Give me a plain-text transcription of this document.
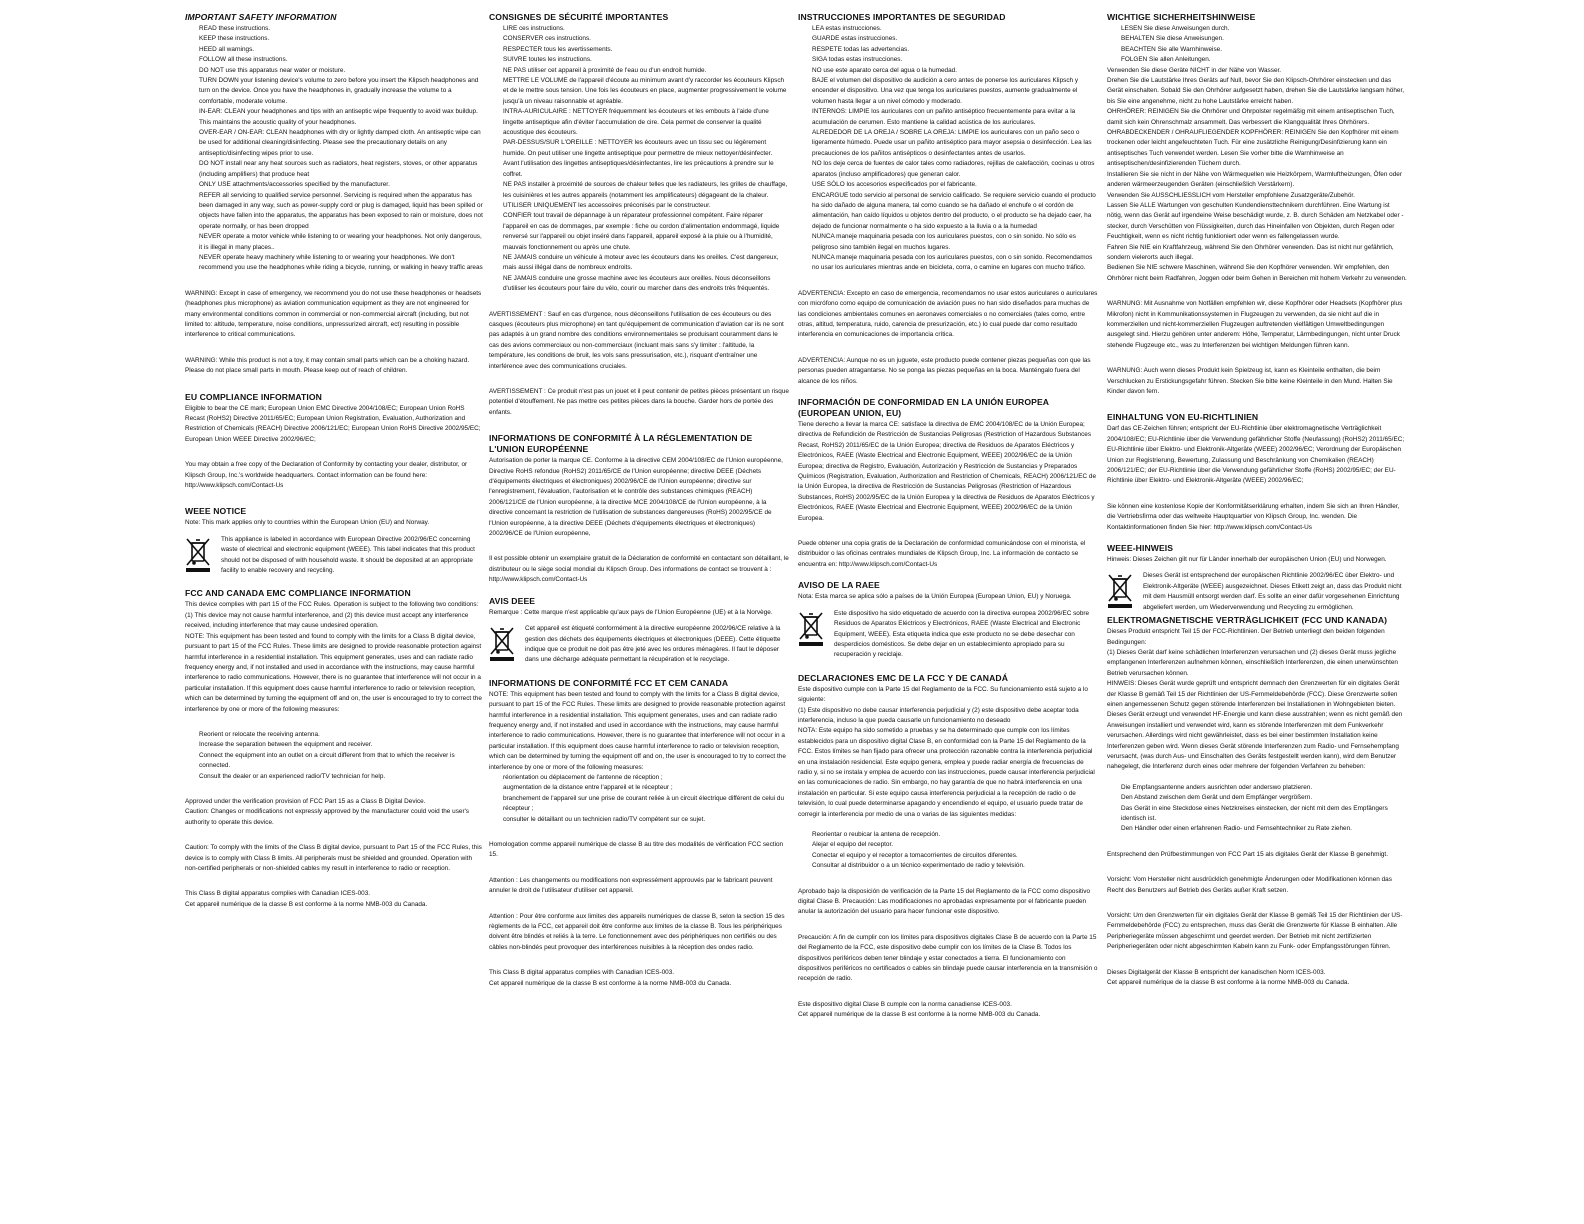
IMPORTANT SAFETY INFORMATION

READ these instructions.

KEEP these instructions.

HEED all warnings.

FOLLOW all these instructions.

DO NOT use this apparatus near water or moisture.

TURN DOWN your listening device's volume to zero before you insert the Klipsch headphones and turn on the device. Once you have the headphones in, gradually increase the volume to a comfortable, moderate volume.

IN-EAR: CLEAN your headphones and tips with an antiseptic wipe frequently to avoid wax buildup. This maintains the acoustic quality of your headphones.

OVER-EAR / ON-EAR: CLEAN headphones with dry or lightly damped cloth. An antiseptic wipe can be used for additional cleaning/disinfecting. Please see the precautionary details on any antiseptic/disinfecting wipes prior to use.

DO NOT install near any heat sources such as radiators, heat registers, stoves, or other apparatus (including amplifiers) that produce heat

ONLY USE attachments/accessories specified by the manufacturer.

REFER all servicing to qualified service personnel. Servicing is required when the apparatus has been damaged in any way, such as power-supply cord or plug is damaged, liquid has been spilled or objects have fallen into the apparatus, the apparatus has been exposed to rain or moisture, does not operate normally, or has been dropped

NEVER operate a motor vehicle while listening to or wearing your headphones. Not only dangerous, it is illegal in many places..

NEVER operate heavy machinery while listening to or wearing your headphones. We don't recommend you use the headphones while riding a bicycle, running, or walking in heavy traffic areas

WARNING: Except in case of emergency, we recommend you do not use these headphones or headsets (headphones plus microphone) as aviation communication equipment as they are not engineered for many environmental conditions common in commercial or non-commercial aircraft (including, but not limited to: altitude, temperature, noise conditions, unpressurized aircraft, ect) resulting in possible interference to critical communications.

WARNING: While this product is not a toy, it may contain small parts which can be a choking hazard. Please do not place small parts in mouth. Please keep out of reach of children.

EU COMPLIANCE INFORMATION

Eligible to bear the CE mark; European Union EMC Directive 2004/108/EC; European Union RoHS Recast (RoHS2) Directive 2011/65/EC; European Union Registration, Evaluation, Authorization and Restriction of Chemicals (REACH) Directive 2006/121/EC; European Union RoHS Directive 2002/95/EC; European Union WEEE Directive 2002/96/EC;

You may obtain a free copy of the Declaration of Conformity by contacting your dealer, distributor, or Klipsch Group, Inc.'s worldwide headquarters. Contact information can be found here: http://www.klipsch.com/Contact-Us

WEEE NOTICE

Note: This mark applies only to countries within the European Union (EU) and Norway.

This appliance is labeled in accordance with European Directive 2002/96/EC concerning waste of electrical and electronic equipment (WEEE). This label indicates that this product should not be disposed of with household waste. It should be deposited at an appropriate facility to enable recovery and recycling.

FCC AND CANADA EMC COMPLIANCE INFORMATION

This device complies with part 15 of the FCC Rules. Operation is subject to the following two conditions:

(1) This device may not cause harmful interference, and (2) this device must accept any interference received, including interference that may cause undesired operation.

NOTE: This equipment has been tested and found to comply with the limits for a Class B digital device, pursuant to part 15 of the FCC Rules. These limits are designed to provide reasonable protection against harmful interference in a residential installation. This equipment generates, uses and can radiate radio frequency energy and, if not installed and used in accordance with the instructions, may cause harmful interference to radio communications. However, there is no guarantee that interference will not occur in a particular installation. If this equipment does cause harmful interference to radio or television reception, which can be determined by turning the equipment off and on, the user is encouraged to try to correct the interference by one or more of the following measures:

Reorient or relocate the receiving antenna.

Increase the separation between the equipment and receiver.

Connect the equipment into an outlet on a circuit different from that to which the receiver is connected.

Consult the dealer or an experienced radio/TV technician for help.

Approved under the verification provision of FCC Part 15 as a Class B Digital Device.

Caution: Changes or modifications not expressly approved by the manufacturer could void the user's authority to operate this device.

Caution: To comply with the limits of the Class B digital device, pursuant to Part 15 of the FCC Rules, this device is to comply with Class B limits. All peripherals must be shielded and grounded. Operation with non-certified peripherals or non-shielded cables my result in interference to radio or reception.

This Class B digital apparatus complies with Canadian ICES-003.

Cet appareil numérique de la classe B est conforme à la norme NMB-003 du Canada.

CONSIGNES DE SÉCURITÉ IMPORTANTES

LIRE ces instructions.

CONSERVER ces instructions.

RESPECTER tous les avertissements.

SUIVRE toutes les instructions.

NE PAS utiliser cet appareil à proximité de l'eau ou d'un endroit humide.

METTRE LE VOLUME de l'appareil d'écoute au minimum avant d'y raccorder les écouteurs Klipsch et de le mettre sous tension. Une fois les écouteurs en place, augmenter progressivement le volume jusqu'à un niveau raisonnable et agréable.

INTRA-AURICULAIRE : NETTOYER fréquemment les écouteurs et les embouts à l'aide d'une lingette antiseptique afin d'éviter l'accumulation de cire. Cela permet de conserver la qualité acoustique des écouteurs.

PAR-DESSUS/SUR L'OREILLE : NETTOYER les écouteurs avec un tissu sec ou légèrement humide. On peut utiliser une lingette antiseptique pour permettre de mieux nettoyer/désinfecter. Avant l'utilisation des lingettes antiseptiques/désinfectantes, lire les précautions à prendre sur le coffret.

NE PAS installer à proximité de sources de chaleur telles que les radiateurs, les grilles de chauffage, les cuisinières et les autres appareils (notamment les amplificateurs) dégageant de la chaleur.

UTILISER UNIQUEMENT les accessoires préconisés par le constructeur.

CONFIER tout travail de dépannage à un réparateur professionnel compétent. Faire réparer l'appareil en cas de dommages, par exemple : fiche ou cordon d'alimentation endommagé, liquide renversé sur l'appareil ou objet inséré dans l'appareil, appareil exposé à la pluie ou à l'humidité, mauvais fonctionnement ou après une chute.

NE JAMAIS conduire un véhicule à moteur avec les écouteurs dans les oreilles. C'est dangereux, mais aussi illégal dans de nombreux endroits.

NE JAMAIS conduire une grosse machine avec les écouteurs aux oreilles. Nous déconseillons d'utiliser les écouteurs pour faire du vélo, courir ou marcher dans des endroits très fréquentés.

AVERTISSEMENT : Sauf en cas d'urgence, nous déconseillons l'utilisation de ces écouteurs ou des casques (écouteurs plus microphone) en tant qu'équipement de communication d'aviation car ils ne sont pas adaptés à un grand nombre des conditions environnementales se produisant couramment dans le cas des avions commerciaux ou non-commerciaux (incluant mais sans s'y limiter : l'altitude, la température, les conditions de bruit, les vols sans pressurisation, etc.), risquant d'entraîner une interférence avec des communications cruciales.

AVERTISSEMENT : Ce produit n'est pas un jouet et il peut contenir de petites pièces présentant un risque potentiel d'étouffement. Ne pas mettre ces petites pièces dans la bouche. Garder hors de portée des enfants.

INFORMATIONS DE CONFORMITÉ À LA RÉGLEMENTATION DE L'UNION EUROPÉENNE

Autorisation de porter la marque CE. Conforme à la directive CEM 2004/108/EC de l'Union européenne, Directive RoHS refondue (RoHS2) 2011/65/CE de l'Union européenne; directive DEEE (Déchets d'équipements électriques et électroniques) 2002/96/CE de l'Union européenne; directive sur l'enregistrement, l'évaluation, l'autorisation et le contrôle des substances chimiques (REACH) 2006/121/CE de l'Union européenne, à la directive MCE 2004/108/CE de l'Union européenne, à la directive concernant la restriction de l'utilisation de substances dangereuses (RoHS) 2002/95/CE de l'Union européenne, à la directive DEEE (Déchets d'équipements électriques et électroniques) 2002/96/CE de l'Union européenne,

Il est possible obtenir un exemplaire gratuit de la Déclaration de conformité en contactant son détaillant, le distributeur ou le siège social mondial du Klipsch Group. Des informations de contact se trouvent à : http://www.klipsch.com/Contact-Us

AVIS DEEE

Remarque : Cette marque n'est applicable qu'aux pays de l'Union Européenne (UE) et à la Norvège.

Cet appareil est étiqueté conformément à la directive européenne 2002/96/CE relative à la gestion des déchets des équipements électriques et électroniques (DEEE). Cette étiquette indique que ce produit ne doit pas être jeté avec les ordures ménagères. Il faut le déposer dans une décharge adéquate permettant la récupération et le recyclage.

INFORMATIONS DE CONFORMITÉ FCC ET CEM CANADA

NOTE: This equipment has been tested and found to comply with the limits for a Class B digital device, pursuant to part 15 of the FCC Rules. These limits are designed to provide reasonable protection against harmful interference in a residential installation. This equipment generates, uses and can radiate radio frequency energy and, if not installed and used in accordance with the instructions, may cause harmful interference to radio communications. However, there is no guarantee that interference will not occur in a particular installation. If this equipment does cause harmful interference to radio or television reception, which can be determined by turning the equipment off and on, the user is encouraged to try to correct the interference by one or more of the following measures:

réorientation ou déplacement de l'antenne de réception ;

augmentation de la distance entre l'appareil et le récepteur ;

branchement de l'appareil sur une prise de courant reliée à un circuit électrique différent de celui du récepteur ;

consulter le détaillant ou un technicien radio/TV compétent sur ce sujet.

Homologation comme appareil numérique de classe B au titre des modalités de vérification FCC section 15.

Attention : Les changements ou modifications non expressément approuvés par le fabricant peuvent annuler le droit de l'utilisateur d'utiliser cet appareil.

Attention : Pour être conforme aux limites des appareils numériques de classe B, selon la section 15 des règlements de la FCC, cet appareil doit être conforme aux limites de la classe B. Tous les périphériques doivent être blindés et reliés à la terre. Le fonctionnement avec des périphériques non certifiés ou des câbles non-blindés peut provoquer des interférences nuisibles à la réception des ondes radio.

This Class B digital apparatus complies with Canadian ICES-003.

Cet appareil numérique de la classe B est conforme à la norme NMB-003 du Canada.

INSTRUCCIONES IMPORTANTES DE SEGURIDAD

LEA estas instrucciones.

GUARDE estas instrucciones.

RESPETE todas las advertencias.

SIGA todas estas instrucciones.

NO use este aparato cerca del agua o la humedad.

BAJE el volumen del dispositivo de audición a cero antes de ponerse los auriculares Klipsch y encender el dispositivo. Una vez que tenga los auriculares puestos, aumente gradualmente el volumen hasta llegar a un nivel cómodo y moderado.

INTERNOS: LIMPIE los auriculares con un pañito antiséptico frecuentemente para evitar a la acumulación de cerumen. Esto mantiene la calidad acústica de los auriculares.

ALREDEDOR DE LA OREJA / SOBRE LA OREJA: LIMPIE los auriculares con un paño seco o ligeramente húmedo. Puede usar un pañito antiséptico para mayor asepsia o desinfección. Lea las precauciones de los pañitos antisépticos o desinfectantes antes de usarlos.

NO los deje cerca de fuentes de calor tales como radiadores, rejillas de calefacción, cocinas u otros aparatos (incluso amplificadores) que generan calor.

USE SÓLO los accesorios especificados por el fabricante.

ENCARGUE todo servicio al personal de servicio calificado. Se requiere servicio cuando el producto ha sido dañado de alguna manera, tal como cuando se ha dañado el enchufe o el cordón de alimentación, han caído líquidos u objetos dentro del producto, o el producto se ha dejado caer, ha dejado de funcionar normalmente o ha sido expuesto a la lluvia o a la humedad

NUNCA maneje maquinaria pesada con los auriculares puestos, con o sin sonido. No sólo es peligroso sino también ilegal en muchos lugares.

NUNCA maneje maquinaria pesada con los auriculares puestos, con o sin sonido. Recomendamos no usar los auriculares mientras ande en bicicleta, corra, o camine en lugares con mucho tráfico.

ADVERTENCIA: Excepto en caso de emergencia, recomendamos no usar estos auriculares o auriculares con micrófono como equipo de comunicación de aviación pues no han sido diseñados para muchas de las condiciones ambientales comunes en aeronaves comerciales o no comerciales (tales como, entre otras, altitud, temperatura, ruido, carencia de presurización, etc.) lo cual puede dar como resultado interferencia en comunicaciones de importancia crítica.

ADVERTENCIA: Aunque no es un juguete, este producto puede contener piezas pequeñas con que las personas pueden atragantarse. No se ponga las piezas pequeñas en la boca. Manténgalo fuera del alcance de los niños.

INFORMACIÓN DE CONFORMIDAD EN LA UNIÓN EUROPEA (EUROPEAN UNION, EU)

Tiene derecho a llevar la marca CE: satisface la directiva de EMC 2004/108/EC de la Unión Europea; directiva de Refundición de Restricción de Sustancias Peligrosas (Restriction of Hazardous Substances Recast, RoHS2) 2011/65/EC de la Unión Europea; directiva de Residuos de Aparatos Eléctricos y Electrónicos, RAEE (Waste Electrical and Electronic Equipment, WEEE) 2002/96/EC de la Unión Europea; directiva de Registro, Evaluación, Autorización y Restricción de Sustancias y Preparados Químicos (Registration, Evaluation, Authorization and Restriction of Chemicals, REACH) 2006/121/EC de la Unión Europea, la directiva de Restricción de Sustancias Peligrosas (Restriction of Hazardous Substances, RoHS) 2002/95/EC de la Unión Europea y la directiva de Residuos de Aparatos Eléctricos y Electrónicos, RAEE (Waste Electrical and Electronic Equipment, WEEE) 2002/96/EC de la Unión Europea.

Puede obtener una copia gratis de la Declaración de conformidad comunicándose con el minorista, el distribuidor o las oficinas centrales mundiales de Klipsch Group, Inc. La información de contacto se encuentra en: http://www.klipsch.com/Contact-Us

AVISO DE LA RAEE

Nota: Esta marca se aplica sólo a países de la Unión Europea (European Union, EU) y Noruega.

Este dispositivo ha sido etiquetado de acuerdo con la directiva europea 2002/96/EC sobre Residuos de Aparatos Eléctricos y Electrónicos, RAEE (Waste Electrical and Electronic Equipment, WEEE). Esta etiqueta indica que este producto no se debe desechar con desperdicios domésticos. Se debe dejar en un establecimiento apropiado para su recuperación y reciclaje.

DECLARACIONES EMC DE LA FCC Y DE CANADÁ

Este dispositivo cumple con la Parte 15 del Reglamento de la FCC. Su funcionamiento está sujeto a lo siguiente:

(1) Este dispositivo no debe causar interferencia perjudicial y (2) este dispositivo debe aceptar toda interferencia, incluso la que pueda causarle un funcionamiento no deseado

NOTA: Este equipo ha sido sometido a pruebas y se ha determinado que cumple con los límites establecidos para un dispositivo digital Clase B, en conformidad con la Parte 15 del Reglamento de la FCC. Estos límites se han fijado para ofrecer una protección razonable contra la interferencia perjudicial en una instalación residencial. Este equipo genera, emplea y puede radiar energía de frecuencias de radio y, si no se instala y emplea de acuerdo con las instrucciones, puede causar interferencia perjudicial en las comunicaciones de radio. Sin embargo, no hay garantía de que no habrá interferencia en una instalación en particular. Si este equipo causa interferencia perjudicial a la recepción de radio o de televisión, lo cual puede determinarse apagando y encendiendo el equipo, el usuario puede tratar de corregir la interferencia por medio de una o varias de las siguientes medidas:

Reorientar o reubicar la antena de recepción.

Alejar el equipo del receptor.

Conectar el equipo y el receptor a tomacorrientes de circuitos diferentes.

Consultar al distribuidor o a un técnico experimentado de radio y televisión.

Aprobado bajo la disposición de verificación de la Parte 15 del Reglamento de la FCC como dispositivo digital Clase B. Precaución: Las modificaciones no aprobadas expresamente por el fabricante pueden anular la autorización del usuario para hacer funcionar este dispositivo.

Precaución: A fin de cumplir con los límites para dispositivos digitales Clase B de acuerdo con la Parte 15 del Reglamento de la FCC, este dispositivo debe cumplir con los límites de la Clase B. Todos los dispositivos periféricos deben tener blindaje y estar conectados a tierra. El funcionamiento con dispositivos periféricos no certificados o cables sin blindaje puede causar interferencia en la transmisión o recepción de radio.

Este dispositivo digital Clase B cumple con la norma canadiense ICES-003.

Cet appareil numérique de la classe B est conforme à la norme NMB-003 du Canada.

WICHTIGE SICHERHEITSHINWEISE

LESEN Sie diese Anweisungen durch.

BEHALTEN Sie diese Anweisungen.

BEACHTEN Sie alle Warnhinweise.

FOLGEN Sie allen Anleitungen.

Verwenden Sie diese Geräte NICHT in der Nähe von Wasser.

Drehen Sie die Lautstärke Ihres Geräts auf Null, bevor Sie den Klipsch-Ohrhörer einstecken und das Gerät einschalten. Sobald Sie den Ohrhörer aufgesetzt haben, drehen Sie die Lautstärke langsam höher, bis Sie eine angenehme, nicht zu hohe Lautstärke erreicht haben.

OHRHÖRER: REINIGEN Sie die Ohrhörer und Ohrpolster regelmäßig mit einem antiseptischen Tuch, damit sich kein Ohrenschmalz ansammelt. Das verbessert die Klangqualität Ihres Ohrhörers.

OHRABDECKENDER / OHRAUFLIEGENDER KOPFHÖRER: REINIGEN Sie den Kopfhörer mit einem trockenen oder leicht angefeuchteten Tuch. Für eine zusätzliche Reinigung/Desinfizierung kann ein antiseptisches Tuch verwendet werden. Lesen Sie vorher bitte die Warnhinweise an antiseptischen/desinfizierenden Tüchern durch.

Installieren Sie sie nicht in der Nähe von Wärmequellen wie Heizkörpern, Warmluftheizungen, Öfen oder anderen wärmeerzeugenden Geräten (einschließlich Verstärkern).

Verwenden Sie AUSSCHLIESSLICH vom Hersteller empfohlene Zusatzgeräte/Zubehör.

Lassen Sie ALLE Wartungen von geschulten Kundendiensttechnikern durchführen. Eine Wartung ist nötig, wenn das Gerät auf irgendeine Weise beschädigt wurde, z. B. durch Schäden am Netzkabel oder -stecker, durch Verschütten von Flüssigkeiten, durch das Hineinfallen von Objekten, durch Regen oder Feuchtigkeit, wenn es nicht richtig funktioniert oder wenn es fallengelassen wurde.

Fahren Sie NIE ein Kraftfahrzeug, während Sie den Ohrhörer verwenden. Das ist nicht nur gefährlich, sondern vielerorts auch illegal.

Bedienen Sie NIE schwere Maschinen, während Sie den Kopfhörer verwenden. Wir empfehlen, den Ohrhörer nicht beim Radfahren, Joggen oder beim Gehen in Bereichen mit hohem Verkehr zu verwenden.

WARNUNG: Mit Ausnahme von Notfällen empfehlen wir, diese Kopfhörer oder Headsets (Kopfhörer plus Mikrofon) nicht in Kommunikationssystemen in Flugzeugen zu verwenden, da sie nicht auf die in kommerziellen und nicht-kommerziellen Flugzeugen auftretenden vielfältigen Umweltbedingungen ausgelegt sind. Hierzu gehören unter anderem: Höhe, Temperatur, Lärmbedingungen, nicht unter Druck stehende Flugzeuge etc., was zu Interferenzen bei wichtigen Meldungen führen kann.

WARNUNG: Auch wenn dieses Produkt kein Spielzeug ist, kann es Kleinteile enthalten, die beim Verschlucken zu Erstickungsgefahr führen. Stecken Sie bitte keine Kleinteile in den Mund. Halten Sie Kinder davon fern.

EINHALTUNG VON EU-RICHTLINIEN

Darf das CE-Zeichen führen; entspricht der EU-Richtlinie über elektromagnetische Verträglichkeit 2004/108/EC; EU-Richtlinie über die Verwendung gefährlicher Stoffe (Neufassung) (RoHS2) 2011/65/EC; EU-Richtlinie über Elektro- und Elektronik-Altgeräte (WEEE) 2002/96/EC; Verordnung der Europäischen Union zur Registrierung, Bewertung, Zulassung und Beschränkung von Chemikalien (REACH) 2006/121/EC; der EU-Richtlinie über die Verwendung gefährlicher Stoffe (RoHS) 2002/95/EC; der EU-Richtlinie über Elektro- und Elektronik-Altgeräte (WEEE) 2002/96/EC;

Sie können eine kostenlose Kopie der Konformitätserklärung erhalten, indem Sie sich an Ihren Händler, die Vertriebsfirma oder das weltweite Hauptquartier von Klipsch Group, Inc. wenden. Die Kontaktinformationen finden Sie hier: http://www.klipsch.com/Contact-Us

WEEE-HINWEIS

Hinweis: Dieses Zeichen gilt nur für Länder innerhalb der europäischen Union (EU) und Norwegen.

Dieses Gerät ist entsprechend der europäischen Richtlinie 2002/96/EC über Elektro- und Elektronik-Altgeräte (WEEE) ausgezeichnet. Dieses Etikett zeigt an, dass das Produkt nicht mit dem Hausmüll entsorgt werden darf. Es sollte an einer dafür vorgesehenen Einrichtung abgeliefert werden, um Wiederverwendung und Recycling zu ermöglichen.

ELEKTROMAGNETISCHE VERTRÄGLICHKEIT (FCC UND KANADA)

Dieses Produkt entspricht Teil 15 der FCC-Richtlinien. Der Betrieb unterliegt den beiden folgenden Bedingungen:

(1) Dieses Gerät darf keine schädlichen Interferenzen verursachen und (2) dieses Gerät muss jegliche empfangenen Interferenzen aufnehmen können, einschließlich Interferenzen, die einen unerwünschten Betrieb verursachen können.

HINWEIS: Dieses Gerät wurde geprüft und entspricht demnach den Grenzwerten für ein digitales Gerät der Klasse B gemäß Teil 15 der Richtlinien der US-Fernmeldebehörde (FCC). Diese Grenzwerte sollen einen angemessenen Schutz gegen störende Interferenzen bei Installationen in Wohngebieten bieten. Dieses Gerät erzeugt und verwendet HF-Energie und kann diese ausstrahlen; wenn es nicht gemäß den Anweisungen installiert und verwendet wird, kann es störende Interferenzen mit dem Funkverkehr verursachen. Allerdings wird nicht gewährleistet, dass es bei einer bestimmten Installation keine Interferenzen geben wird. Wenn dieses Gerät störende Interferenzen zum Radio- und Fernsehempfang verursacht, (was durch Aus- und Einschalten des Geräts festgestellt werden kann), wird dem Benutzer nahegelegt, die Interferenz durch eines oder mehrere der folgenden Verfahren zu beheben:

Die Empfangsantenne anders ausrichten oder anderswo platzieren.

Den Abstand zwischen dem Gerät und dem Empfänger vergrößern.

Das Gerät in eine Steckdose eines Netzkreises einstecken, der nicht mit dem des Empfängers identisch ist.

Den Händler oder einen erfahrenen Radio- und Fernsehtechniker zu Rate ziehen.

Entsprechend den Prüfbestimmungen von FCC Part 15 als digitales Gerät der Klasse B genehmigt.

Vorsicht: Vom Hersteller nicht ausdrücklich genehmigte Änderungen oder Modifikationen können das Recht des Benutzers auf Betrieb des Geräts außer Kraft setzen.

Vorsicht: Um den Grenzwerten für ein digitales Gerät der Klasse B gemäß Teil 15 der Richtlinien der US-Fernmeldebehörde (FCC) zu entsprechen, muss das Gerät die Grenzwerte für Klasse B einhalten. Alle Peripheriegeräte müssen abgeschirmt und geerdet werden. Der Betrieb mit nicht zertifizierten Peripheriegeräten oder nicht abgeschirmten Kabeln kann zu Funk- oder Empfangsstörungen führen.

Dieses Digitalgerät der Klasse B entspricht der kanadischen Norm ICES-003.

Cet appareil numérique de la classe B est conforme à la norme NMB-003 du Canada.
